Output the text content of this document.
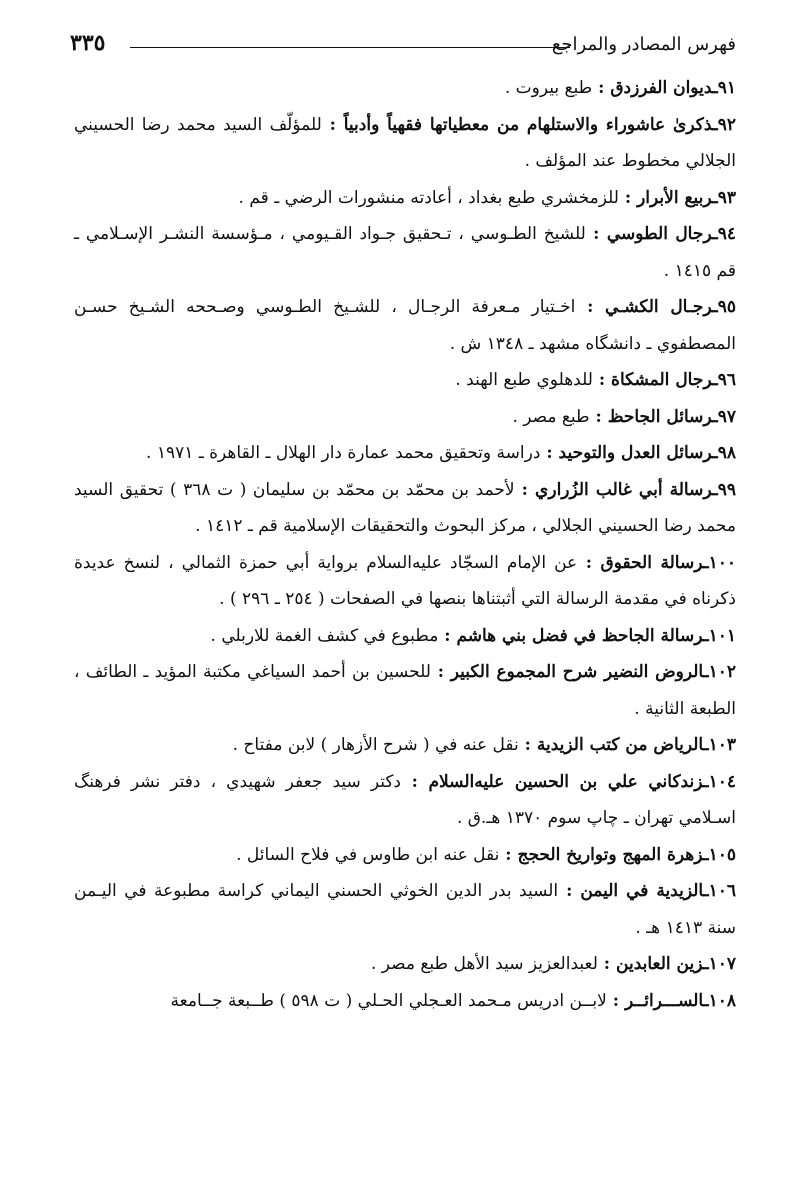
فهرس المصادر والمراجع
٣٣٥

٩١ـديوان الفرزدق : طبع بيروت .

٩٢ـذكرىٰ عاشوراء والاستلهام من معطياتها فقهياً وأدبياً : للمؤلّف السيد محمد رضا الحسيني الجلالي مخطوط عند المؤلف .

٩٣ـربيع الأبرار : للزمخشري طبع بغداد ، أعادته منشورات الرضي ـ قم .

٩٤ـرجال الطوسي : للشيخ الطـوسي ، تـحقيق جـواد القـيومي ، مـؤسسة النشـر الإسـلامي ـ قم ١٤١٥ .

٩٥ـرجـال الكشـي : اخـتيار مـعرفة الرجـال ، للشـيخ الطـوسي وصـححه الشـيخ حسـن المصطفوي ـ دانشگاه مشهد ـ ١٣٤٨ ش .

٩٦ـرجال المشكاة : للدهلوي طبع الهند .

٩٧ـرسائل الجاحظ : طبع مصر .

٩٨ـرسائل العدل والتوحيد : دراسة وتحقيق محمد عمارة دار الهلال ـ القاهرة ـ ١٩٧١ .

٩٩ـرسالة أبي غالب الزُراري : لأحمد بن محمّد بن محمّد بن سليمان ( ت ٣٦٨ ) تحقيق السيد محمد رضا الحسيني الجلالي ، مركز البحوث والتحقيقات الإسلامية قم ـ ١٤١٢ .

١٠٠ـرسالة الحقوق : عن الإمام السجّاد عليه‌السلام برواية أبي حمزة الثمالي ، لنسخ عديدة ذكرناه في مقدمة الرسالة التي أثبتناها بنصها في الصفحات ( ٢٥٤ ـ ٢٩٦ ) .

١٠١ـرسالة الجاحظ في فضل بني هاشم : مطبوع في كشف الغمة للاربلي .

١٠٢ـالروض النضير شرح المجموع الكبير : للحسين بن أحمد السياغي مكتبة المؤيد ـ الطائف ، الطبعة الثانية .

١٠٣ـالرياض من كتب الزيدية : نقل عنه في ( شرح الأزهار ) لابن مفتاح .

١٠٤ـزندكاني علي بن الحسين عليه‌السلام : دكتر سيد جعفر شهيدي ، دفتر نشر فرهنگ اسـلامي تهران ـ چاپ سوم ١٣٧٠ هـ.ق .

١٠٥ـزهرة المهج وتواريخ الحجج : نقل عنه ابن طاوس في فلاح السائل .

١٠٦ـالزيدية في اليمن : السيد بدر الدين الخوثي الحسني اليماني كراسة مطبوعة في اليـمن سنة ١٤١٣ هـ .

١٠٧ـزين العابدين : لعبدالعزيز سيد الأهل طبع مصر .

١٠٨ـالســـرائــر : لابــن ادريس مـحمد العـجلي الحـلي ( ت ٥٩٨ ) طــبعة جــامعة
